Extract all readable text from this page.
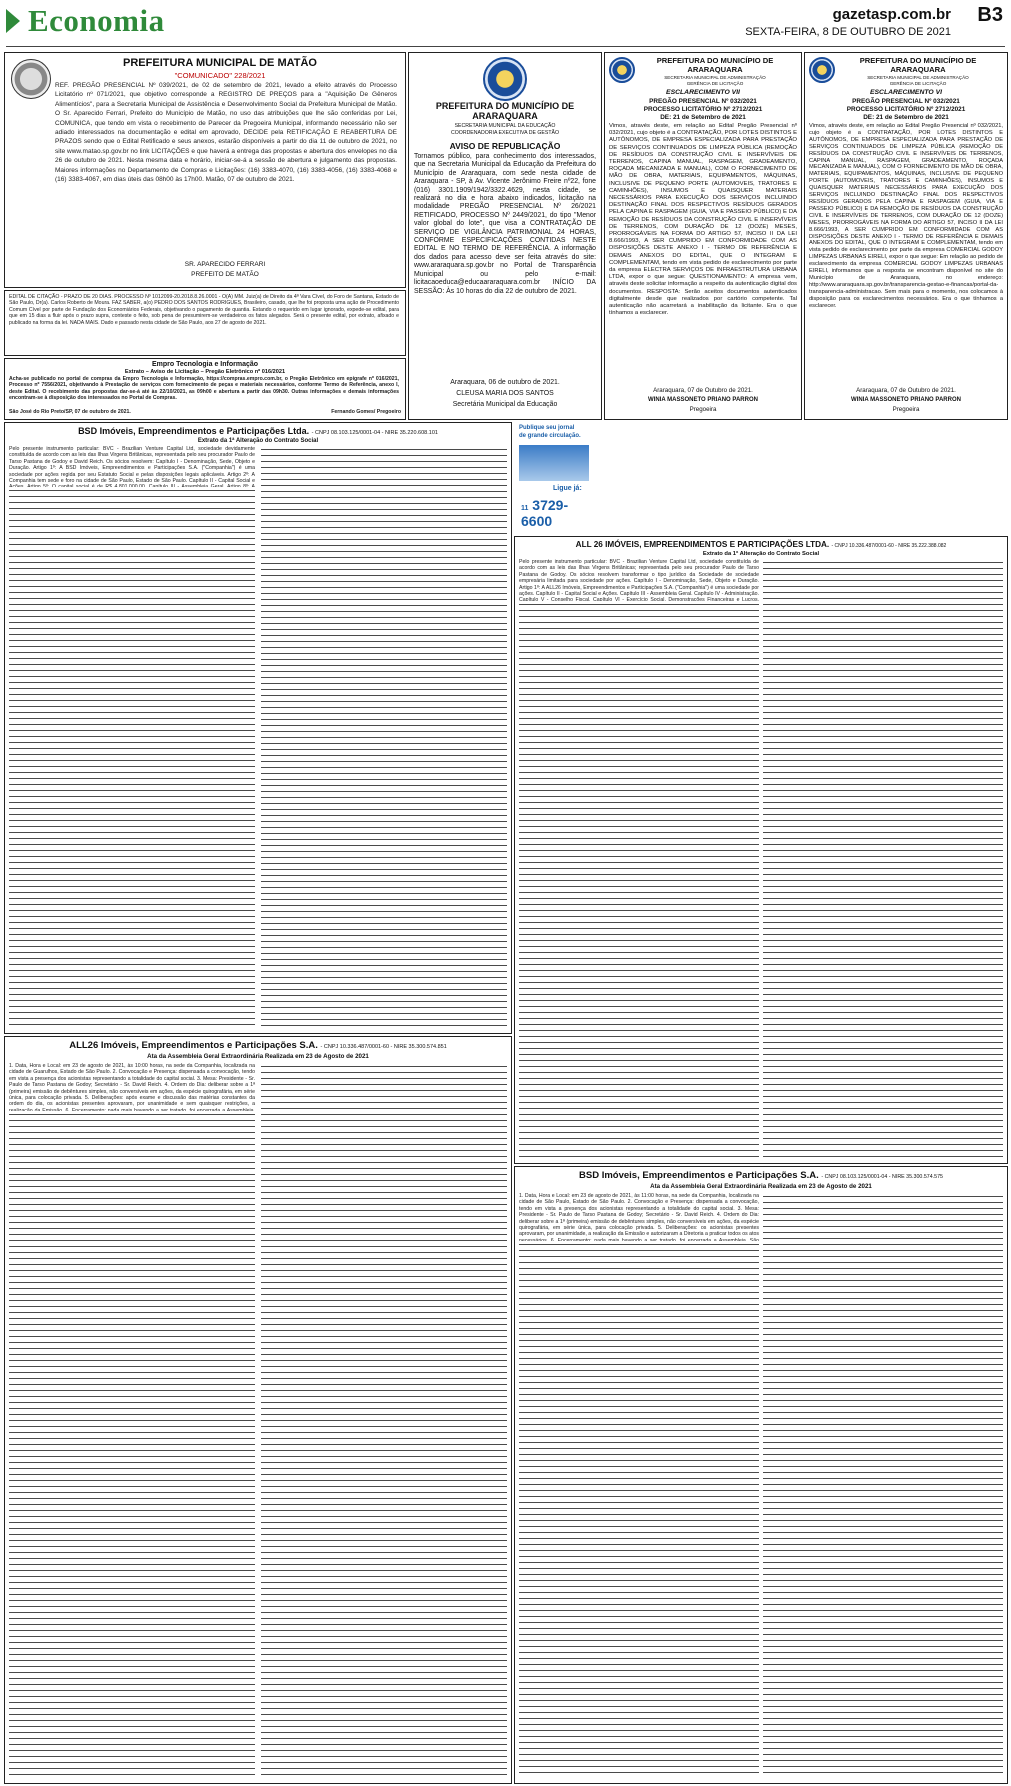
Economia	gazetasp.com.br
SEXTA-FEIRA, 8 DE OUTUBRO DE 2021
B3
PREFEITURA MUNICIPAL DE MATÃO
"COMUNICADO" 228/2021
REF. PREGÃO PRESENCIAL Nº 039/2021, de 02 de setembro de 2021, levado a efeito através do Processo Licitatório nº 071/2021, que objetivo corresponde a REGISTRO DE PREÇOS para a "Aquisição De Gêneros Alimentícios", para a Secretaria Municipal de Assistência e Desenvolvimento Social da Prefeitura Municipal de Matão. O Sr. Aparecido Ferrari, Prefeito do Município de Matão, no uso das atribuições que lhe são conferidas por Lei, COMUNICA, que tendo em vista o recebimento de Parecer da Pregoeira Municipal, informando necessário não ser adiado interessados na documentação e edital em aprovado, DECIDE pela RETIFICAÇÃO E REABERTURA DE PRAZOS sendo que o Edital Retificado e seus anexos, estarão disponíveis a partir do dia 11 de outubro de 2021, no site www.matao.sp.gov.br no link LICITAÇÕES e que haverá a entrega das propostas e abertura dos envelopes no dia 26 de outubro de 2021. Nesta mesma data e horário, iniciar-se-á a sessão de abertura e julgamento das propostas. Maiores informações no Departamento de Compras e Licitações: (16) 3383-4070, (16) 3383-4056, (16) 3383-4068 e (16) 3383-4067, em dias úteis das 08h00 às 17h00. Matão, 07 de outubro de 2021.
SR. APARECIDO FERRARI
PREFEITO DE MATÃO
EDITAL DE CITAÇÃO - PRAZO DE 20 DIAS. PROCESSO Nº 1012099-20.2018.8.26.0001 - O(A) MM. Juiz(a) de Direito da 4ª Vara Cível, do Foro de Santana, Estado de São Paulo, Dr(a). Carlos Roberto de Moura. FAZ SABER, a(o) PEDRO DOS SANTOS RODRIGUES, Brasileiro, casado, que lhe foi proposta uma ação de Procedimento Comum Cível por parte de Fundação dos Economiários Federais, objetivando o pagamento de quantia. Estando o requerido em lugar ignorado, expede-se edital, para que em 15 dias a fluir após o prazo supra, conteste o feito, sob pena de presumirem-se verdadeiros os fatos alegados. Será o presente edital, por extrato, afixado e publicado na forma da lei. NADA MAIS. Dado e passado nesta cidade de São Paulo, aos 27 de agosto de 2021.
Empro Tecnologia e Informação
Extrato – Aviso de Licitação – Pregão Eletrônico nº 016/2021
Acha-se publicado no portal de compras da Empro Tecnologia e Informação, https://compras.empro.com.br, o Pregão Eletrônico em epígrafe nº 016/2021, Processo nº 7556/2021, objetivando à Prestação de serviços com fornecimento de peças e materiais necessários, conforme Termo de Referência, anexo I, deste Edital. O recebimento das propostas dar-se-á até às 22/10/2021, as 09h00 e abertura a partir das 09h30. Outras informações e demais informações encontram-se à disposição dos interessados no Portal de Compras.
São José do Rio Preto/SP, 07 de outubro de 2021.	Fernando Gomes/ Pregoeiro
PREFEITURA DO MUNICÍPIO DE ARARAQUARA
SECRETARIA MUNICIPAL DA EDUCAÇÃO
COORDENADORIA EXECUTIVA DE GESTÃO
AVISO DE REPUBLICAÇÃO
Tornamos público, para conhecimento dos interessados, que na Secretaria Municipal da Educação da Prefeitura do Município de Araraquara, com sede nesta cidade de Araraquara - SP, à Av. Vicente Jerônimo Freire nº22, fone (016) 3301.1909/1942/3322.4629, nesta cidade, se realizará no dia e hora abaixo indicados, licitação na modalidade PREGÃO PRESENCIAL Nº 26/2021 RETIFICADO, PROCESSO Nº 2449/2021, do tipo "Menor valor global do lote", que visa a CONTRATAÇÃO DE SERVIÇO DE VIGILÂNCIA PATRIMONIAL 24 HORAS, CONFORME ESPECIFICAÇÕES CONTIDAS NESTE EDITAL E NO TERMO DE REFERÊNCIA. A informação dos dados para acesso deve ser feita através do site: www.araraquara.sp.gov.br no Portal de Transparência Municipal ou pelo e-mail: licitacaoeduca@educaararaquara.com.br INÍCIO DA SESSÃO: Às 10 horas do dia 22 de outubro de 2021.
Araraquara, 06 de outubro de 2021.
CLEUSA MARIA DOS SANTOS
Secretária Municipal da Educação
PREFEITURA DO MUNICÍPIO DE ARARAQUARA
SECRETARIA MUNICIPAL DE ADMINISTRAÇÃO
GERÊNCIA DE LICITAÇÃO
ESCLARECIMENTO VII
PREGÃO PRESENCIAL Nº 032/2021
PROCESSO LICITATÓRIO Nº 2712/2021
DE: 21 de Setembro de 2021
Vimos, através deste, em relação ao Edital Pregão Presencial nº 032/2021, cujo objeto é a CONTRATAÇÃO, POR LOTES DISTINTOS E AUTÔNOMOS, DE EMPRESA ESPECIALIZADA PARA PRESTAÇÃO DE SERVIÇOS CONTINUADOS DE LIMPEZA PÚBLICA (REMOÇÃO DE RESÍDUOS DA CONSTRUÇÃO CIVIL E INSERVÍVEIS DE TERRENOS, CAPINA MANUAL, RASPAGEM, GRADEAMENTO, ROÇADA MECANIZADA E MANUAL), COM O FORNECIMENTO DE MÃO DE OBRA, MATERIAIS, EQUIPAMENTOS, MÁQUINAS, INCLUSIVE DE PEQUENO PORTE (AUTOMOVEIS, TRATORES E CAMINHÕES), INSUMOS E QUAISQUER MATERIAIS NECESSÁRIOS PARA EXECUÇÃO DOS SERVIÇOS INCLUINDO DESTINAÇÃO FINAL DOS RESPECTIVOS RESÍDUOS GERADOS PELA CAPINA E RASPAGEM (GUIA, VIA E PASSEIO PÚBLICO) E DA REMOÇÃO DE RESÍDUOS DA CONSTRUÇÃO CIVIL E INSERVÍVEIS DE TERRENOS, COM DURAÇÃO DE 12 (DOZE) MESES, PRORROGÁVEIS NA FORMA DO ARTIGO 57, INCISO II DA LEI 8.666/1993, A SER CUMPRIDO EM CONFORMIDADE COM AS DISPOSIÇÕES DESTE ANEXO I - TERMO DE REFERÊNCIA E DEMAIS ANEXOS DO EDITAL, QUE O INTEGRAM E COMPLEMENTAM, tendo em vista pedido de esclarecimento por parte da empresa ELECTRA SERVIÇOS DE INFRAESTRUTURA URBANA LTDA, expor o que segue: QUESTIONAMENTO: A empresa vem, através deste solicitar informação a respeito da autenticação digital dos documentos. RESPOSTA: Serão aceitos documentos autenticados digitalmente desde que realizados por cartório competente. Tal autenticação não acarretará a inabilitação da licitante. Era o que tínhamos a esclarecer.
Araraquara, 07 de Outubro de 2021.
WINIA MASSONETO PRIANO PARRON
Pregoeira
PREFEITURA DO MUNICÍPIO DE ARARAQUARA
SECRETARIA MUNICIPAL DE ADMINISTRAÇÃO
GERÊNCIA DE LICITAÇÃO
ESCLARECIMENTO VI
PREGÃO PRESENCIAL Nº 032/2021
PROCESSO LICITATÓRIO Nº 2712/2021
DE: 21 de Setembro de 2021
Vimos, através deste, em relação ao Edital Pregão Presencial nº 032/2021, cujo objeto é a CONTRATAÇÃO, POR LOTES DISTINTOS E AUTÔNOMOS, DE EMPRESA ESPECIALIZADA PARA PRESTAÇÃO DE SERVIÇOS CONTINUADOS DE LIMPEZA PÚBLICA (REMOÇÃO DE RESÍDUOS DA CONSTRUÇÃO CIVIL E INSERVÍVEIS DE TERRENOS, CAPINA MANUAL, RASPAGEM, GRADEAMENTO, ROÇADA MECANIZADA E MANUAL), COM O FORNECIMENTO DE MÃO DE OBRA, MATERIAIS, EQUIPAMENTOS, MÁQUINAS, INCLUSIVE DE PEQUENO PORTE (AUTOMOVEIS, TRATORES E CAMINHÕES), INSUMOS E QUAISQUER MATERIAIS NECESSÁRIOS PARA EXECUÇÃO DOS SERVIÇOS INCLUINDO DESTINAÇÃO FINAL DOS RESPECTIVOS RESÍDUOS GERADOS PELA CAPINA E RASPAGEM (GUIA, VIA E PASSEIO PÚBLICO) E DA REMOÇÃO DE RESÍDUOS DA CONSTRUÇÃO CIVIL E INSERVÍVEIS DE TERRENOS, COM DURAÇÃO DE 12 (DOZE) MESES, PRORROGÁVEIS NA FORMA DO ARTIGO 57, INCISO II DA LEI 8.666/1993, A SER CUMPRIDO EM CONFORMIDADE COM AS DISPOSIÇÕES DESTE ANEXO I - TERMO DE REFERÊNCIA E DEMAIS ANEXOS DO EDITAL, QUE O INTEGRAM E COMPLEMENTAM, tendo em vista pedido de esclarecimento por parte da empresa COMERCIAL GODOY LIMPEZAS URBANAS EIRELI, expor o que segue: Em relação ao pedido de esclarecimento da empresa COMERCIAL GODOY LIMPEZAS URBANAS EIRELI, informamos que a resposta se encontram disponível no site do Município de Araraquara, no endereço: http://www.araraquara.sp.gov.br/transparencia-gestao-e-financas/portal-da-transparencia-administracao. Sem mais para o momento, nos colocamos à disposição para os esclarecimentos necessários. Era o que tínhamos a esclarecer.
Araraquara, 07 de Outubro de 2021.
WINIA MASSONETO PRIANO PARRON
Pregoeira
BSD Imóveis, Empreendimentos e Participações Ltda. - CNPJ 08.103.125/0001-04 - NIRE 35.220.608.101
Extrato da 1ª Alteração do Contrato Social
Pelo presente instrumento particular: BVC - Brazilian Venture Capital Ltd, sociedade devidamente constituída de acordo com as leis das Ilhas Virgens Britânicas, representada pelo seu procurador Paulo de Tarso Pastana de Godoy e David Reich. Os sócios resolvem: Capítulo I - Denominação, Sede, Objeto e Duração. Artigo 1º: A BSD Imóveis, Empreendimentos e Participações S.A. ("Companhia") é uma sociedade por ações regida por seu Estatuto Social e pelas disposições legais aplicáveis. Artigo 2º: A Companhia tem sede e foro na cidade de São Paulo, Estado de São Paulo. Capítulo II - Capital Social e
Publique seu jornal
de grande circulação.
Ligue já:
11 3729-6600
ALL 26 IMÓVEIS, EMPREENDIMENTOS E PARTICIPAÇÕES LTDA. - CNPJ 10.336.487/0001-60 - NIRE 35.222.388.082
Extrato da 1ª Alteração do Contrato Social
Pelo presente instrumento particular: BVC - Brazilian Venture Capital Ltd, sociedade constituída de acordo com as leis das Ilhas Virgens Britânicas; representada pelo seu procurador Paulo de Tarso Pastana de Godoy. Os sócios resolvem transformar o tipo jurídico da Sociedade de sociedade empresária limitada para sociedade por ações. Capítulo I - Denominação, Sede, Objeto e Duração. Artigo 1º: A ALL26 Imóveis, Empreendimentos e Participações S.A. ("Companhia") é uma sociedade por ações. Capítulo II - Capital Social e Ações. Capítulo III - Assembleia Geral. Capítulo IV - Administração.
ALL26 Imóveis, Empreendimentos e Participações S.A. - CNPJ 10.336.487/0001-60 - NIRE 35.300.574.851
Ata da Assembleia Geral Extraordinária Realizada em 23 de Agosto de 2021
1. Data, Hora e Local: em 23 de agosto de 2021, às 10:00 horas, na sede da Companhia, localizada na cidade de Guarulhos, Estado de São Paulo. 2. Convocação e Presença: dispensada a convocação, tendo em vista a presença dos acionistas representando a totalidade do capital social. 3. Mesa: Presidente - Sr. Paulo de Tarso Pastana de Godoy; Secretário - Sr. David Reich. 4. Ordem do Dia: deliberar sobre a 1ª (primeira) emissão de debêntures simples, não conversíveis em ações, da espécie quirografária, em série única, para colocação privada. 5. Deliberações: após exame e discussão das matérias constantes da ordem do dia, os acionistas presentes aprovaram, por unanimidade e sem quaisquer restrições, a
BSD Imóveis, Empreendimentos e Participações S.A. - CNPJ 08.103.125/0001-04 - NIRE 35.300.574.575
Ata da Assembleia Geral Extraordinária Realizada em 23 de Agosto de 2021
1. Data, Hora e Local: em 23 de agosto de 2021, às 11:00 horas, na sede da Companhia, localizada na cidade de São Paulo, Estado de São Paulo. 2. Convocação e Presença: dispensada a convocação, tendo em vista a presença dos acionistas representando a totalidade do capital social. 3. Mesa: Presidente - Sr. Paulo de Tarso Pastana de Godoy; Secretário - Sr. David Reich. 4. Ordem do Dia: deliberar sobre a 1ª (primeira) emissão de debêntures simples, não conversíveis em ações, da espécie quirografária, em série única, para colocação privada. 5. Deliberações: os acionistas presentes aprovaram, por unanimidade, a realização da Emissão e autorizaram a Diretoria a praticar todos os atos
